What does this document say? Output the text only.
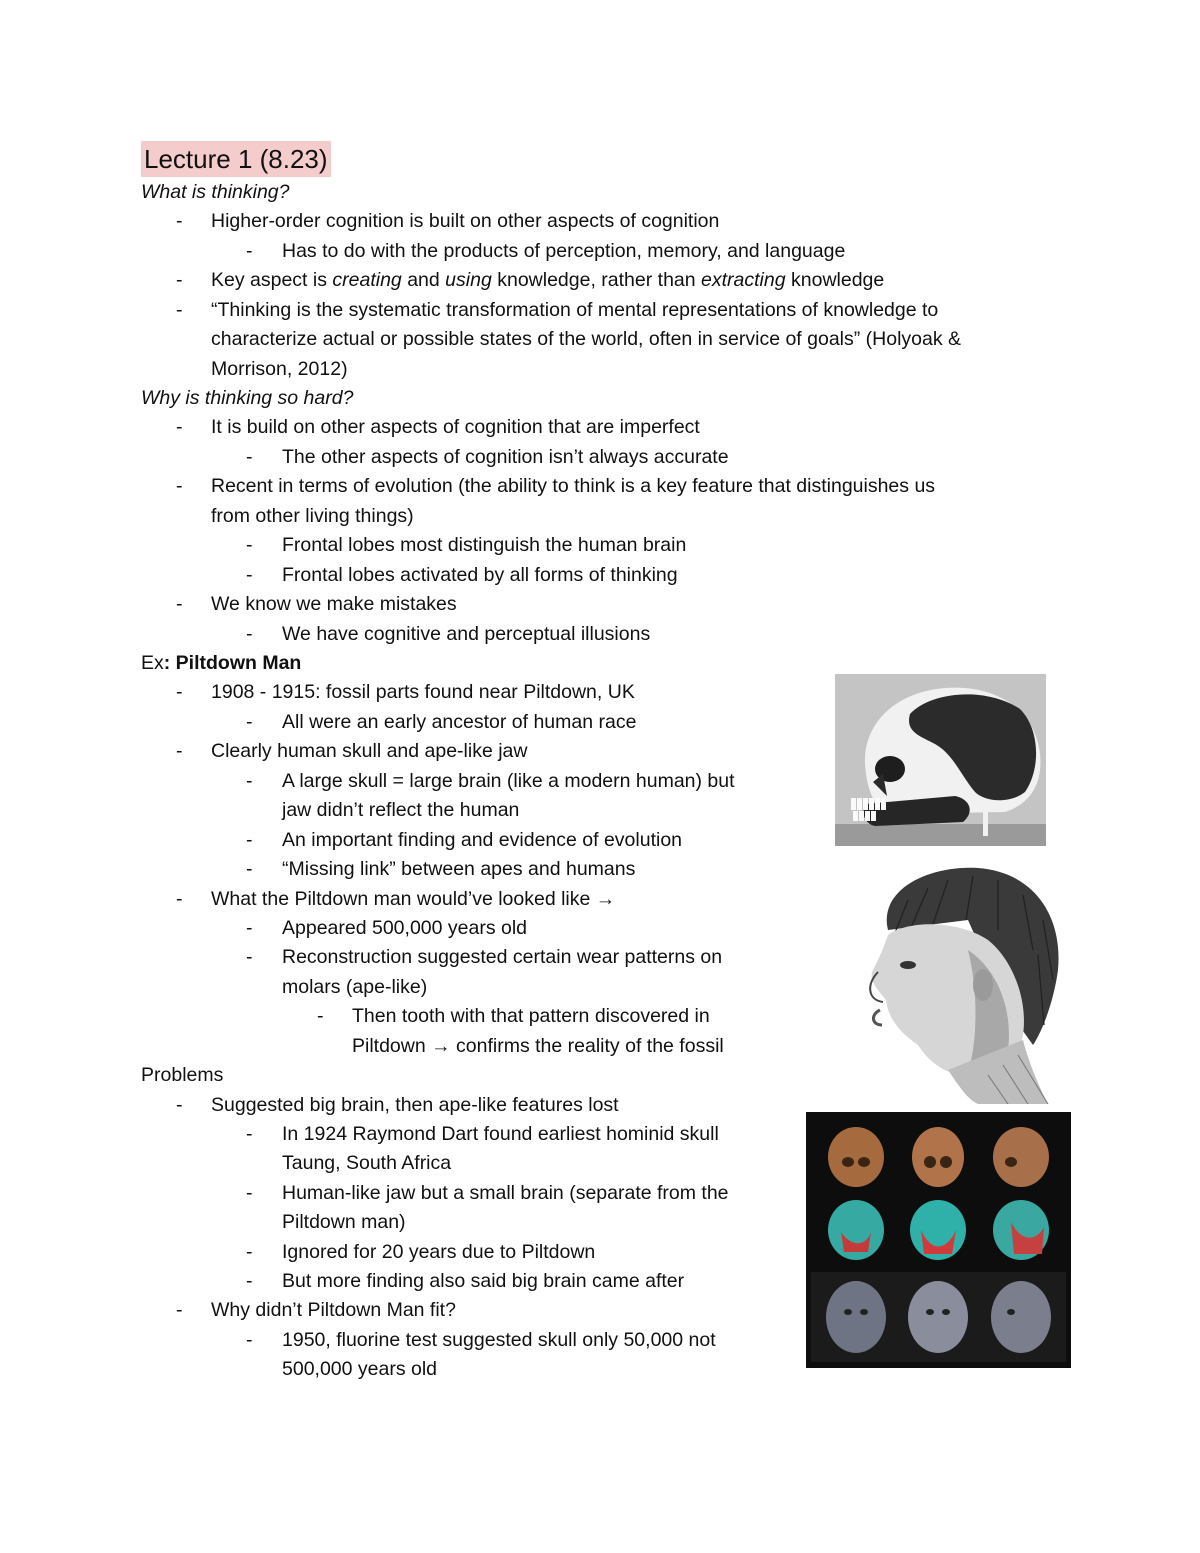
Lecture 1 (8.23)
What is thinking?
- Higher-order cognition is built on other aspects of cognition
- Has to do with the products of perception, memory, and language
- Key aspect is creating and using knowledge, rather than extracting knowledge
- “Thinking is the systematic transformation of mental representations of knowledge to
characterize actual or possible states of the world, often in service of goals” (Holyoak &
Morrison, 2012)
Why is thinking so hard?
- It is build on other aspects of cognition that are imperfect
- The other aspects of cognition isn’t always accurate
- Recent in terms of evolution (the ability to think is a key feature that distinguishes us
from other living things)
- Frontal lobes most distinguish the human brain
- Frontal lobes activated by all forms of thinking
- We know we make mistakes
- We have cognitive and perceptual illusions
Ex: Piltdown Man
- 1908 - 1915: fossil parts found near Piltdown, UK
- All were an early ancestor of human race
- Clearly human skull and ape-like jaw
- A large skull = large brain (like a modern human) but
jaw didn’t reflect the human
- An important finding and evidence of evolution
- “Missing link” between apes and humans
- What the Piltdown man would’ve looked like →
- Appeared 500,000 years old
- Reconstruction suggested certain wear patterns on
molars (ape-like)
- Then tooth with that pattern discovered in
Piltdown → confirms the reality of the fossil
Problems
- Suggested big brain, then ape-like features lost
- In 1924 Raymond Dart found earliest hominid skull
Taung, South Africa
- Human-like jaw but a small brain (separate from the
Piltdown man)
- Ignored for 20 years due to Piltdown
- But more finding also said big brain came after
- Why didn’t Piltdown Man fit?
- 1950, fluorine test suggested skull only 50,000 not
500,000 years old
